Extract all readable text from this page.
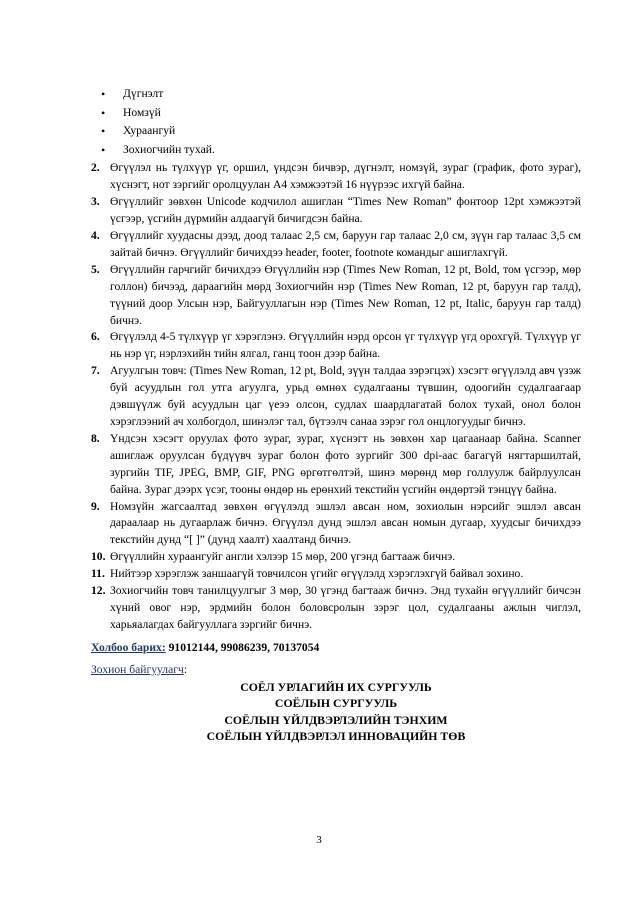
• Дүгнэлт
• Номзүй
• Хураангуй
• Зохиогчийн тухай.
2. Өгүүлэл нь түлхүүр үг, оршил, үндсэн бичвэр, дүгнэлт, номзүй, зураг (график, фото зураг), хүснэгт, нот зэргийг оролцуулан А4 хэмжээтэй 16 нүүрээс ихгүй байна.
3. Өгүүллийг зөвхөн Unicode кодчилол ашиглан “Times New Roman” фонтоор 12pt хэмжээтэй үсгээр, үсгийн дүрмийн алдаагүй бичигдсэн байна.
4. Өгүүллийг хуудасны дээд, доод талаас 2,5 см, баруун гар талаас 2,0 см, зүүн гар талаас 3,5 см зайтай бичнэ. Өгүүллийг бичихдээ header, footer, footnote командыг ашиглахгүй.
5. Өгүүллийн гарчгийг бичихдээ Өгүүллийн нэр (Times New Roman, 12 pt, Bold, том үсгээр, мөр голлон) бичээд, дараагийн мөрд Зохиогчийн нэр (Times New Roman, 12 pt, баруун гар талд), түүний доор Улсын нэр, Байгууллагын нэр (Times New Roman, 12 pt, Italic, баруун гар талд) бичнэ.
6. Өгүүлэлд 4-5 түлхүүр үг хэрэглэнэ. Өгүүллийн нэрд орсон үг түлхүүр үгд орохгүй. Түлхүүр үг нь нэр үг, нэрлэхийн тийн ялгал, ганц тоон дээр байна.
7. Агуулгын товч: (Times New Roman, 12 pt, Bold, зүүн талдаа зэрэгцэх) хэсэгт өгүүлэлд авч үзэж буй асуудлын гол утга агуулга, урьд өмнөх судалгааны түвшин, одоогийн судалгаагаар дэвшүүлж буй асуудлын цаг үеээ олсон, судлах шаардлагатай болох тухай, онол болон хэрэглээний ач холбогдол, шинэлэг тал, бүтээлч санаа зэрэг гол онцлогуудыг бичнэ.
8. Үндсэн хэсэгт оруулах фото зураг, зураг, хүснэгт нь зөвхөн хар цагаанаар байна. Scanner ашиглаж оруулсан бүдүүвч зураг болон фото зургийг 300 dpi-аас багагүй нягтаршилтай, зургийн TIF, JPEG, BMP, GIF, PNG өргөтгөлтэй, шинэ мөрөнд мөр голлуулж байрлуулсан байна. Зураг дээрх үсэг, тооны өндөр нь ерөнхий текстийн үсгийн өндөртэй тэнцүү байна.
9. Номзүйн жагсаалтад зөвхөн өгүүлэлд эшлэл авсан ном, зохиолын нэрсийг эшлэл авсан дараалаар нь дугаарлаж бичнэ. Өгүүлэл дунд эшлэл авсан номын дугаар, хуудсыг бичихдээ текстийн дунд “[ ]” (дунд хаалт) хаалтанд бичнэ.
10. Өгүүллийн хураангуйг англи хэлээр 15 мөр, 200 үгэнд багтааж бичнэ.
11. Нийтээр хэрэглэж заншаагүй товчилсон үгийг өгүүлэлд хэрэглэхгүй байвал зохино.
12. Зохиогчийн товч танилцуулгыг 3 мөр, 30 үгэнд багтааж бичнэ. Энд тухайн өгүүллийг бичсэн хүний овог нэр, эрдмийн болон боловсролын зэрэг цол, судалгааны ажлын чиглэл, харьяалагдах байгууллага зэргийг бичнэ.
Холбоо барих: 91012144, 99086239, 70137054
Зохион байгуулагч:
СОЁЛ УРЛАГИЙН ИХ СУРГУУЛЬ
СОЁЛЫН СУРГУУЛЬ
СОЁЛЫН ҮЙЛДВЭРЛЭЛИЙН ТЭНХИМ
СОЁЛЫН ҮЙЛДВЭРЛЭЛ ИННОВАЦИЙН ТӨВ
3
